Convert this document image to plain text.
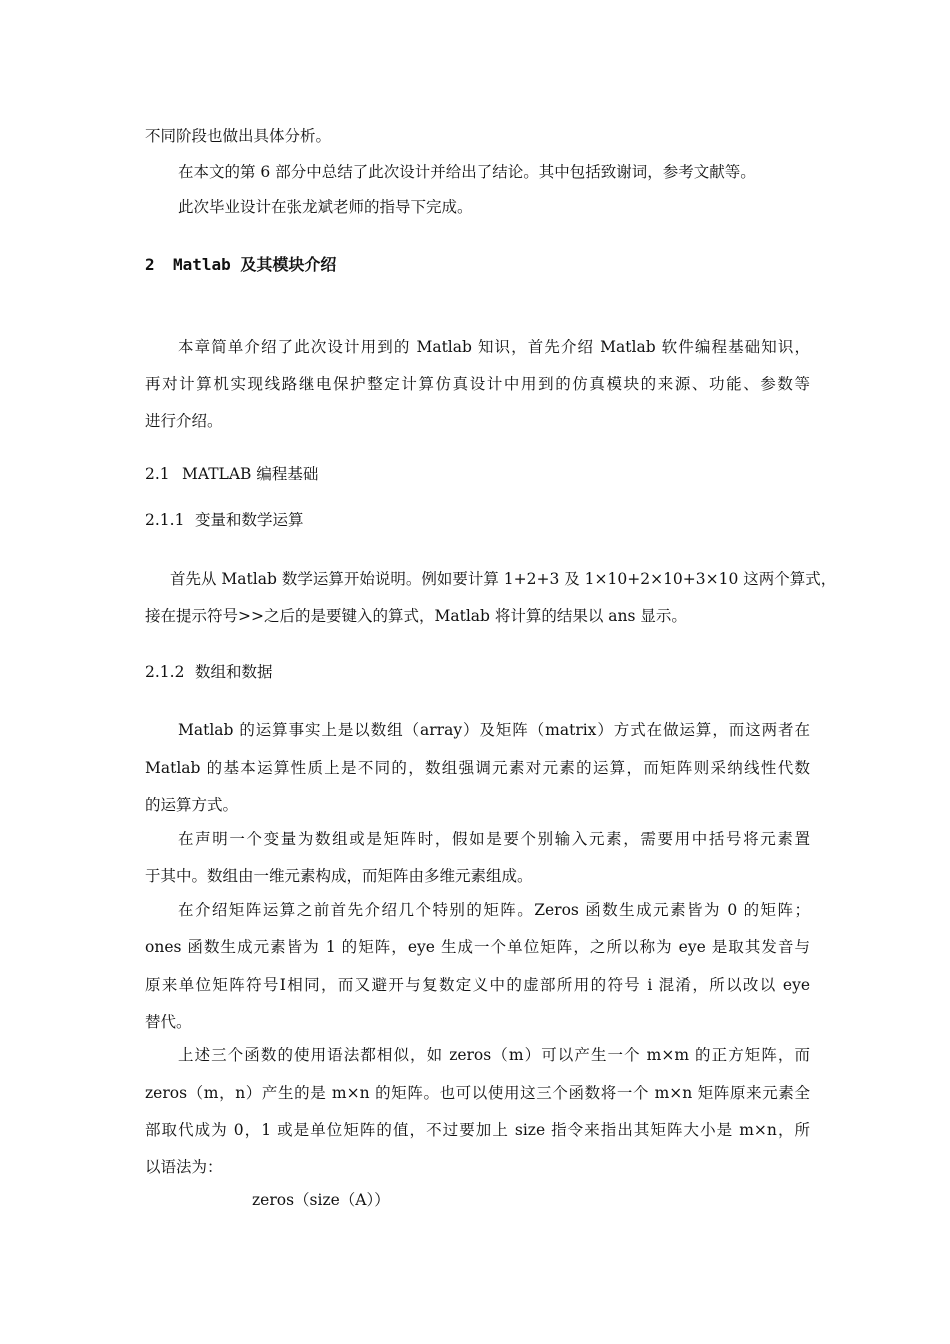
不同阶段也做出具体分析。
在本文的第 6 部分中总结了此次设计并给出了结论。其中包括致谢词，参考文献等。
此次毕业设计在张龙斌老师的指导下完成。
2 Matlab 及其模块介绍
本章简单介绍了此次设计用到的 Matlab 知识，首先介绍 Matlab 软件编程基础知识，
再对计算机实现线路继电保护整定计算仿真设计中用到的仿真模块的来源、功能、参数等
进行介绍。
2.1 MATLAB 编程基础
2.1.1 变量和数学运算
首先从 Matlab 数学运算开始说明。例如要计算 1+2+3 及 1×10+2×10+3×10 这两个算式，
接在提示符号>>之后的是要键入的算式，Matlab 将计算的结果以 ans 显示。
2.1.2 数组和数据
Matlab 的运算事实上是以数组（array）及矩阵（matrix）方式在做运算，而这两者在
Matlab 的基本运算性质上是不同的，数组强调元素对元素的运算，而矩阵则采纳线性代数
的运算方式。
在声明一个变量为数组或是矩阵时，假如是要个别输入元素，需要用中括号将元素置
于其中。数组由一维元素构成，而矩阵由多维元素组成。
在介绍矩阵运算之前首先介绍几个特别的矩阵。Zeros 函数生成元素皆为 0 的矩阵；
ones 函数生成元素皆为 1 的矩阵，eye 生成一个单位矩阵，之所以称为 eye 是取其发音与
原来单位矩阵符号Ⅰ相同，而又避开与复数定义中的虚部所用的符号 i 混淆，所以改以 eye
替代。
上述三个函数的使用语法都相似，如 zeros（m）可以产生一个 m×m 的正方矩阵，而
zeros（m，n）产生的是 m×n 的矩阵。也可以使用这三个函数将一个 m×n 矩阵原来元素全
部取代成为 0，1 或是单位矩阵的值，不过要加上 size 指令来指出其矩阵大小是 m×n，所
以语法为：
zeros（size（A））
